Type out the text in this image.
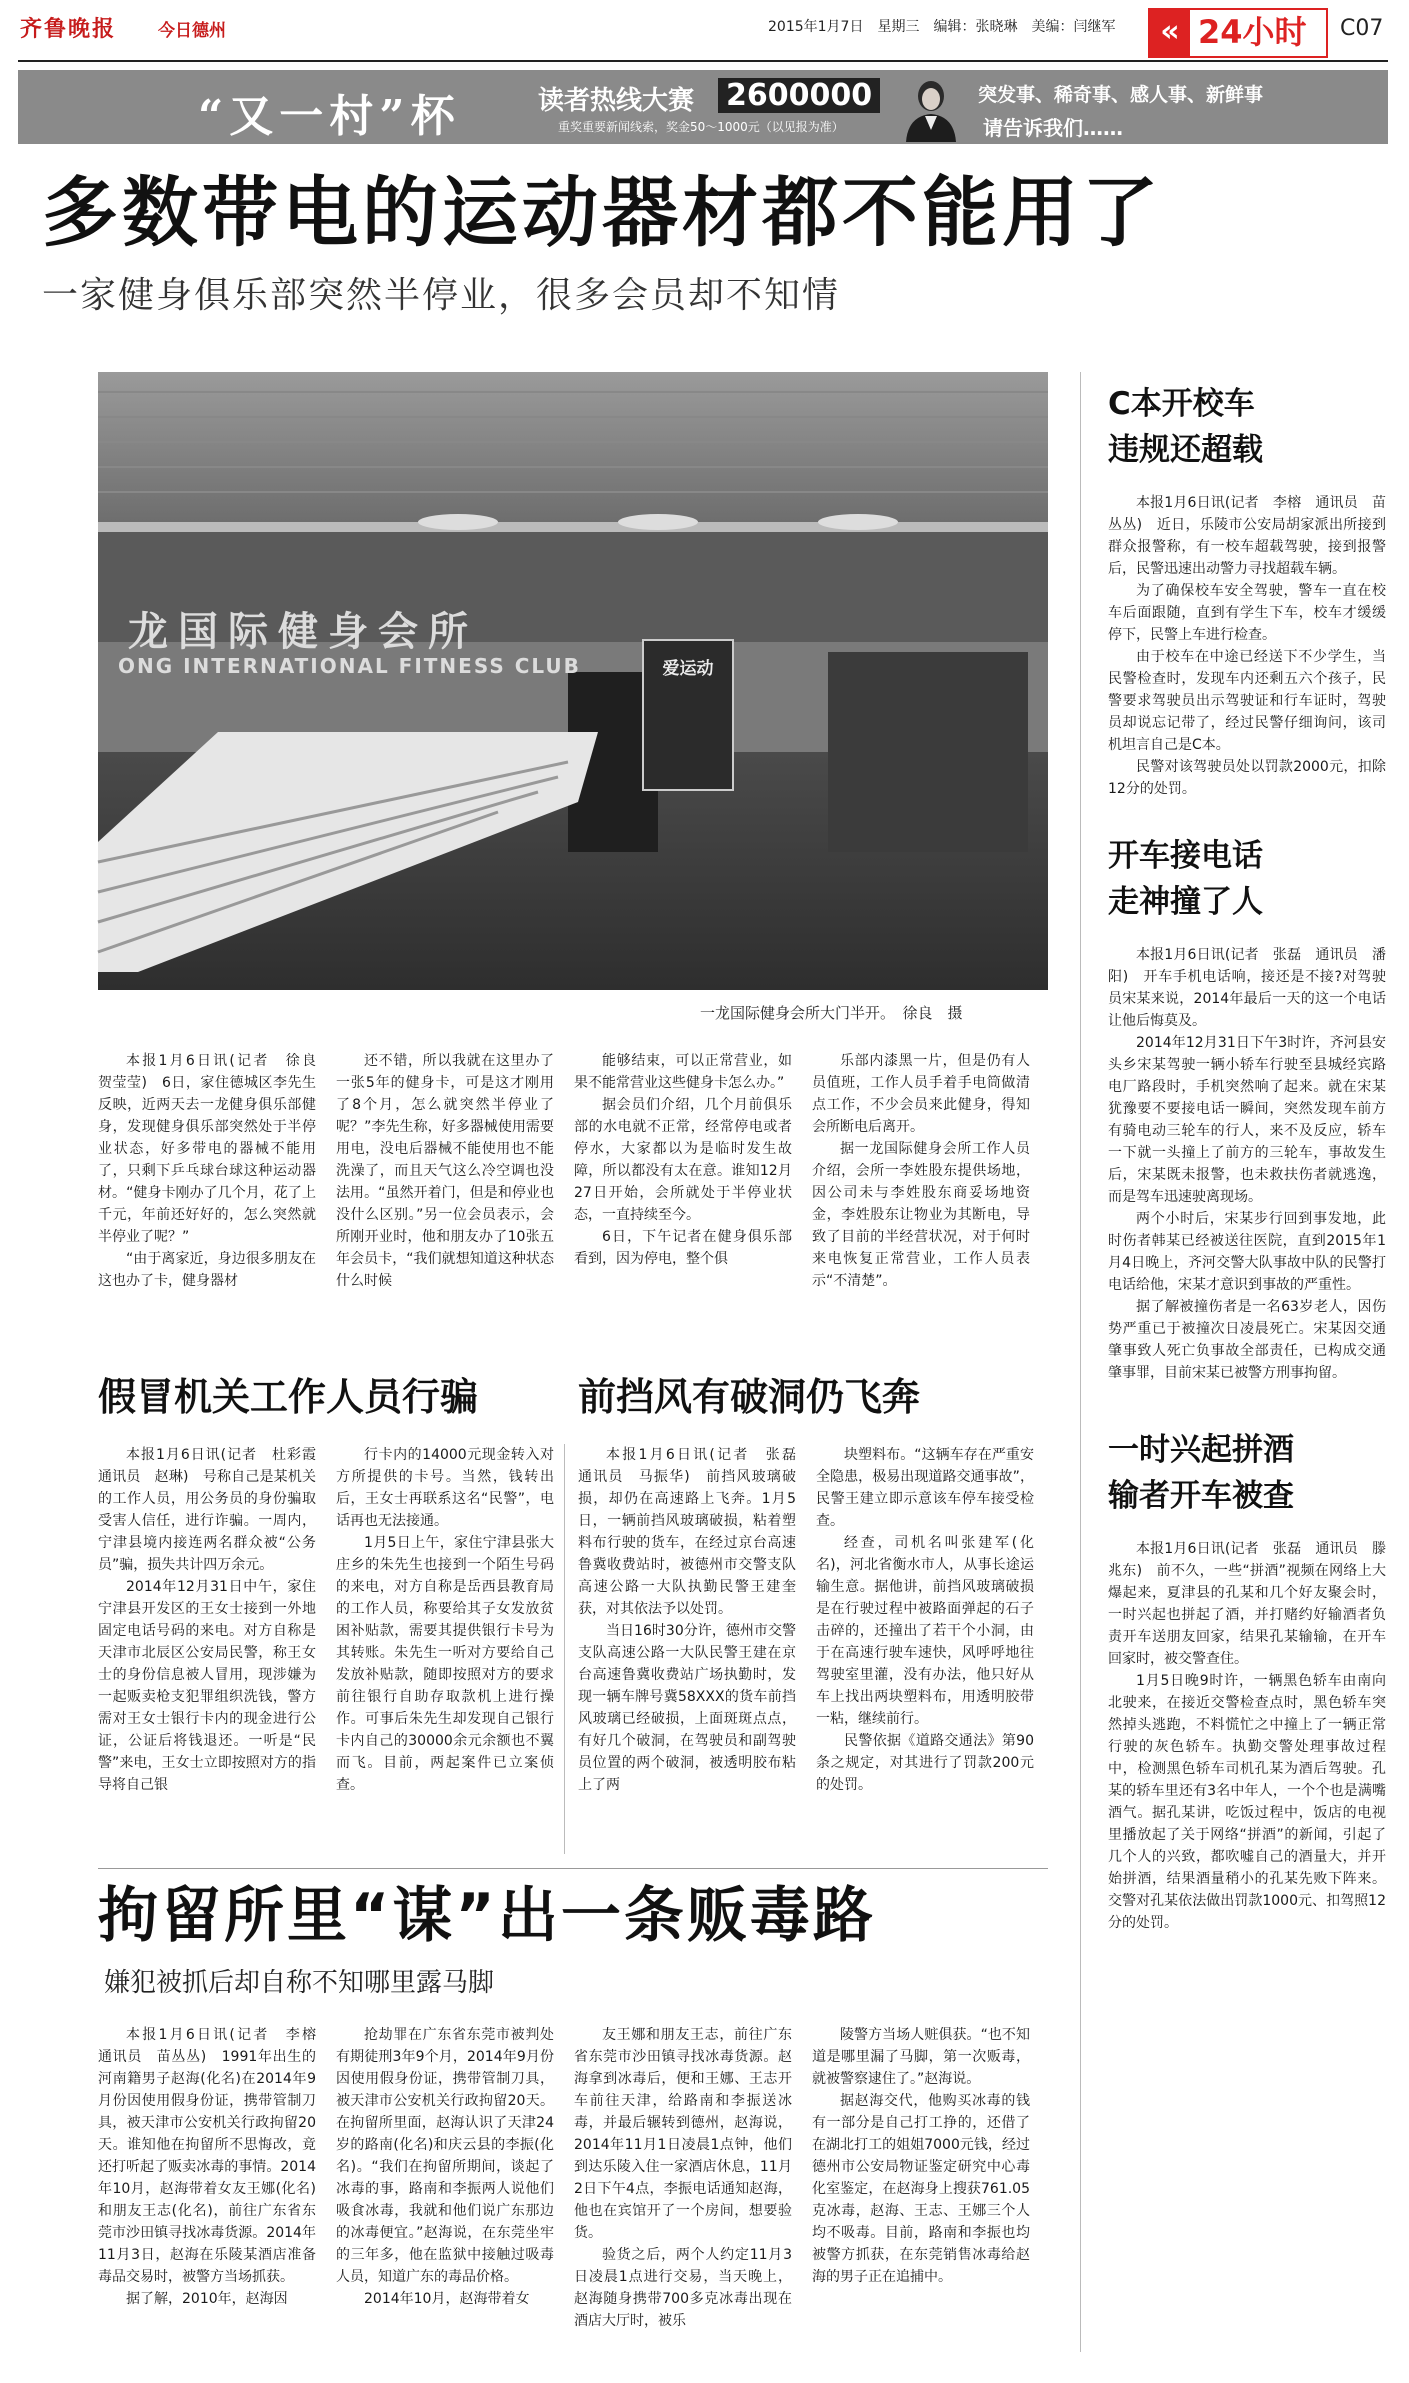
齐鲁晚报 今日德州	2015年1月7日　星期三　编辑：张晓琳　美编：闫继军	« 24小时 C07
“又一村”杯	读者热线大赛 2600000
重奖重要新闻线索，奖金50～1000元（以见报为准）
突发事、稀奇事、感人事、新鲜事
请告诉我们……
多数带电的运动器材都不能用了
一家健身俱乐部突然半停业，很多会员却不知情
龙国际健身会所
ONG INTERNATIONAL FITNESS CLUB	爱运动
一龙国际健身会所大门半开。　徐良　摄

本报1月6日讯(记者　徐良　贺莹莹)　6日，家住德城区李先生反映，近两天去一龙健身俱乐部健身，发现健身俱乐部突然处于半停业状态，好多带电的器械不能用了，只剩下乒乓球台球这种运动器材。“健身卡刚办了几个月，花了上千元，年前还好好的，怎么突然就半停业了呢？”

“由于离家近，身边很多朋友在这也办了卡，健身器材

还不错，所以我就在这里办了一张5年的健身卡，可是这才刚用了8个月，怎么就突然半停业了呢？”李先生称，好多器械使用需要用电，没电后器械不能使用也不能洗澡了，而且天气这么冷空调也没法用。“虽然开着门，但是和停业也没什么区别。”另一位会员表示，会所刚开业时，他和朋友办了10张五年会员卡，“我们就想知道这种状态什么时候

能够结束，可以正常营业，如果不能常营业这些健身卡怎么办。”

据会员们介绍，几个月前俱乐部的水电就不正常，经常停电或者停水，大家都以为是临时发生故障，所以都没有太在意。谁知12月27日开始，会所就处于半停业状态，一直持续至今。

6日，下午记者在健身俱乐部看到，因为停电，整个俱

乐部内漆黑一片，但是仍有人员值班，工作人员手着手电筒做清点工作，不少会员来此健身，得知会所断电后离开。

据一龙国际健身会所工作人员介绍，会所一李姓股东提供场地，因公司未与李姓股东商妥场地资金，李姓股东让物业为其断电，导致了目前的半经营状况，对于何时来电恢复正常营业，工作人员表示“不清楚”。

C本开校车
违规还超载

本报1月6日讯(记者　李榕　通讯员　苗丛丛)　近日，乐陵市公安局胡家派出所接到群众报警称，有一校车超载驾驶，接到报警后，民警迅速出动警力寻找超载车辆。

为了确保校车安全驾驶，警车一直在校车后面跟随，直到有学生下车，校车才缓缓停下，民警上车进行检查。

由于校车在中途已经送下不少学生，当民警检查时，发现车内还剩五六个孩子，民警要求驾驶员出示驾驶证和行车证时，驾驶员却说忘记带了，经过民警仔细询问，该司机坦言自己是C本。

民警对该驾驶员处以罚款2000元，扣除12分的处罚。

开车接电话
走神撞了人

本报1月6日讯(记者　张磊　通讯员　潘阳)　开车手机电话响，接还是不接?对驾驶员宋某来说，2014年最后一天的这一个电话让他后悔莫及。

2014年12月31日下午3时许，齐河县安头乡宋某驾驶一辆小轿车行驶至县城经宾路电厂路段时，手机突然响了起来。就在宋某犹豫要不要接电话一瞬间，突然发现车前方有骑电动三轮车的行人，来不及反应，轿车一下就一头撞上了前方的三轮车，事故发生后，宋某既未报警，也未救扶伤者就逃逸，而是驾车迅速驶离现场。

两个小时后，宋某步行回到事发地，此时伤者韩某已经被送往医院，直到2015年1月4日晚上，齐河交警大队事故中队的民警打电话给他，宋某才意识到事故的严重性。

据了解被撞伤者是一名63岁老人，因伤势严重已于被撞次日凌晨死亡。宋某因交通肇事致人死亡负事故全部责任，已构成交通肇事罪，目前宋某已被警方刑事拘留。

一时兴起拼酒
输者开车被查

本报1月6日讯(记者　张磊　通讯员　滕兆东)　前不久，一些“拼酒”视频在网络上大爆起来，夏津县的孔某和几个好友聚会时，一时兴起也拼起了酒，并打赌约好输酒者负责开车送朋友回家，结果孔某输输，在开车回家时，被交警查住。

1月5日晚9时许，一辆黑色轿车由南向北驶来，在接近交警检查点时，黑色轿车突然掉头逃跑，不料慌忙之中撞上了一辆正常行驶的灰色轿车。执勤交警处理事故过程中，检测黑色轿车司机孔某为酒后驾驶。孔某的轿车里还有3名中年人，一个个也是满嘴酒气。据孔某讲，吃饭过程中，饭店的电视里播放起了关于网络“拼酒”的新闻，引起了几个人的兴致，都吹嘘自己的酒量大，并开始拼酒，结果酒量稍小的孔某先败下阵来。交警对孔某依法做出罚款1000元、扣驾照12分的处罚。

假冒机关工作人员行骗	前挡风有破洞仍飞奔

本报1月6日讯(记者　杜彩霞　通讯员　赵琳)　号称自己是某机关的工作人员，用公务员的身份骗取受害人信任，进行诈骗。一周内，宁津县境内接连两名群众被“公务员”骗，损失共计四万余元。

2014年12月31日中午，家住宁津县开发区的王女士接到一外地固定电话号码的来电。对方自称是天津市北辰区公安局民警，称王女士的身份信息被人冒用，现涉嫌为一起贩卖枪支犯罪组织洗钱，警方需对王女士银行卡内的现金进行公证，公证后将钱退还。一听是“民警”来电，王女士立即按照对方的指导将自己银

行卡内的14000元现金转入对方所提供的卡号。当然，钱转出后，王女士再联系这名“民警”，电话再也无法接通。

1月5日上午，家住宁津县张大庄乡的朱先生也接到一个陌生号码的来电，对方自称是岳西县教育局的工作人员，称要给其子女发放贫困补贴款，需要其提供银行卡号为其转账。朱先生一听对方要给自己发放补贴款，随即按照对方的要求前往银行自助存取款机上进行操作。可事后朱先生却发现自己银行卡内自己的30000余元余额也不翼而飞。目前，两起案件已立案侦查。

本报1月6日讯(记者　张磊　通讯员　马振华)　前挡风玻璃破损，却仍在高速路上飞奔。1月5日，一辆前挡风玻璃破损，粘着塑料布行驶的货车，在经过京台高速鲁冀收费站时，被德州市交警支队高速公路一大队执勤民警王建奎获，对其依法予以处罚。

当日16时30分许，德州市交警支队高速公路一大队民警王建在京台高速鲁冀收费站广场执勤时，发现一辆车牌号冀58XXX的货车前挡风玻璃已经破损，上面斑斑点点，有好几个破洞，在驾驶员和副驾驶员位置的两个破洞，被透明胶布粘上了两

块塑料布。“这辆车存在严重安全隐患，极易出现道路交通事故”，民警王建立即示意该车停车接受检查。

经查，司机名叫张建军(化名)，河北省衡水市人，从事长途运输生意。据他讲，前挡风玻璃破损是在行驶过程中被路面弹起的石子击碎的，还撞出了若干个小洞，由于在高速行驶车速快，风呼呼地往驾驶室里灌，没有办法，他只好从车上找出两块塑料布，用透明胶带一粘，继续前行。

民警依据《道路交通法》第90条之规定，对其进行了罚款200元的处罚。

拘留所里“谋”出一条贩毒路
嫌犯被抓后却自称不知哪里露马脚

本报1月6日讯(记者　李榕　通讯员　苗丛丛)　1991年出生的河南籍男子赵海(化名)在2014年9月份因使用假身份证，携带管制刀具，被天津市公安机关行政拘留20天。谁知他在拘留所不思悔改，竟还打听起了贩卖冰毒的事情。2014年10月，赵海带着女友王娜(化名)和朋友王志(化名)，前往广东省东莞市沙田镇寻找冰毒货源。2014年11月3日，赵海在乐陵某酒店准备毒品交易时，被警方当场抓获。

据了解，2010年，赵海因

抢劫罪在广东省东莞市被判处有期徒刑3年9个月，2014年9月份因使用假身份证，携带管制刀具，被天津市公安机关行政拘留20天。在拘留所里面，赵海认识了天津24岁的路南(化名)和庆云县的李振(化名)。“我们在拘留所期间，谈起了冰毒的事，路南和李振两人说他们吸食冰毒，我就和他们说广东那边的冰毒便宜。”赵海说，在东莞坐牢的三年多，他在监狱中接触过吸毒人员，知道广东的毒品价格。

2014年10月，赵海带着女

友王娜和朋友王志，前往广东省东莞市沙田镇寻找冰毒货源。赵海拿到冰毒后，便和王娜、王志开车前往天津，给路南和李振送冰毒，并最后辗转到德州，赵海说，2014年11月1日凌晨1点钟，他们到达乐陵入住一家酒店休息，11月2日下午4点，李振电话通知赵海，他也在宾馆开了一个房间，想要验货。

验货之后，两个人约定11月3日凌晨1点进行交易，当天晚上，赵海随身携带700多克冰毒出现在酒店大厅时，被乐

陵警方当场人赃俱获。“也不知道是哪里漏了马脚，第一次贩毒，就被警察逮住了。”赵海说。

据赵海交代，他购买冰毒的钱有一部分是自己打工挣的，还借了在湖北打工的姐姐7000元钱，经过德州市公安局物证鉴定研究中心毒化室鉴定，在赵海身上搜获761.05克冰毒，赵海、王志、王娜三个人均不吸毒。目前，路南和李振也均被警方抓获，在东莞销售冰毒给赵海的男子正在追捕中。
